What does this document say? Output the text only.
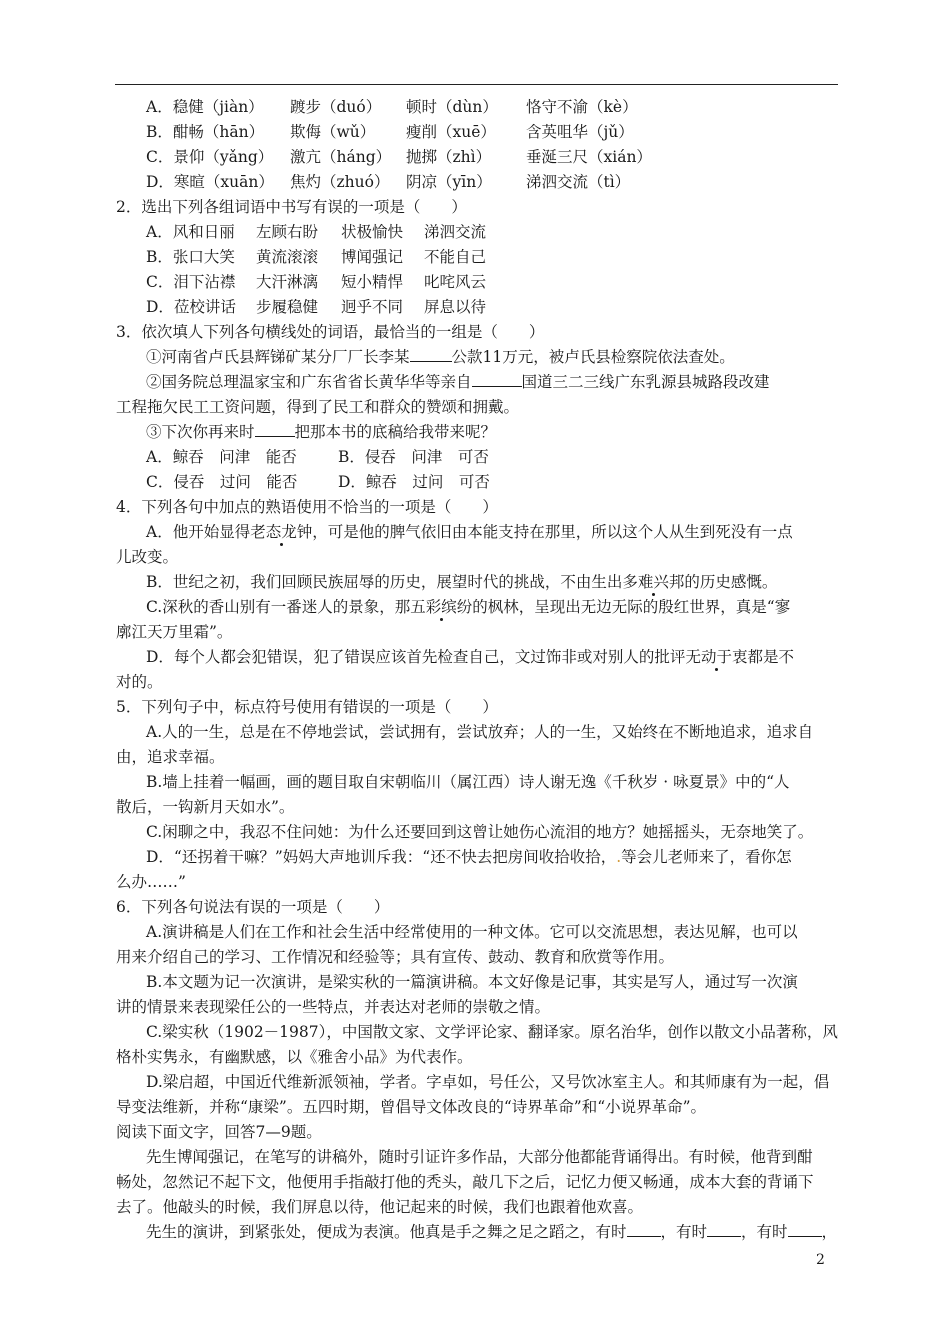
A．稳健（jiàn） 踱步（duó） 顿时（dùn） 恪守不渝（kè）
B．酣畅（hān） 欺侮（wǔ） 瘦削（xuē） 含英咀华（jǔ）
C．景仰（yǎng） 激亢（háng） 抛掷（zhì） 垂涎三尺（xián）
D．寒暄（xuān） 焦灼（zhuó） 阴凉（yīn） 涕泗交流（tì）
2．选出下列各组词语中书写有误的一项是（　　）
A．风和日丽 左顾右盼 状极愉快 涕泗交流
B．张口大笑 黄流滚滚 博闻强记 不能自己
C．泪下沾襟 大汗淋漓 短小精悍 叱咤风云
D．莅校讲话 步履稳健 迥乎不同 屏息以待
3．依次填人下列各句横线处的词语，最恰当的一组是（　　）
①河南省卢氏县辉锑矿某分厂厂长李某	公款11万元，被卢氏县检察院依法查处。
②国务院总理温家宝和广东省省长黄华华等亲自	国道三二三线广东乳源县城路段改建
工程拖欠民工工资问题，得到了民工和群众的赞颂和拥戴。
③下次你再来时	把那本书的底稿给我带来呢？
A．鲸吞　问津　能否	B．侵吞　问津　可否
C．侵吞　过问　能否	D．鲸吞　过问　可否
4．下列各句中加点的熟语使用不恰当的一项是（　　）
A．他开始显得老态龙钟，可是他的脾气依旧由本能支持在那里，所以这个人从生到死没有一点
儿改变。
B．世纪之初，我们回顾民族屈辱的历史，展望时代的挑战，不由生出多难兴邦的历史感慨。
C.深秋的香山别有一番迷人的景象，那五彩缤纷的枫林，呈现出无边无际的殷红世界，真是“寥
廓江天万里霜”。
D．每个人都会犯错误，犯了错误应该首先检查自己，文过饰非或对别人的批评无动于衷都是不
对的。
5．下列句子中，标点符号使用有错误的一项是（　　）
A.人的一生，总是在不停地尝试，尝试拥有，尝试放弃；人的一生，又始终在不断地追求，追求自
由，追求幸福。
B.墙上挂着一幅画，画的题目取自宋朝临川（属江西）诗人谢无逸《千秋岁 · 咏夏景》中的“人
散后，一钩新月天如水”。
C.闲聊之中，我忍不住问她：为什么还要回到这曾让她伤心流泪的地方？她摇摇头，无奈地笑了。
D．“还拐着干嘛？”妈妈大声地训斥我：“还不快去把房间收拾收拾，.等会儿老师来了，看你怎
么办……”
6．下列各句说法有误的一项是（　　）
A.演讲稿是人们在工作和社会生活中经常使用的一种文体。它可以交流思想，表达见解，也可以
用来介绍自己的学习、工作情况和经验等；具有宣传、鼓动、教育和欣赏等作用。
B.本文题为记一次演讲，是梁实秋的一篇演讲稿。本文好像是记事，其实是写人，通过写一次演
讲的情景来表现梁任公的一些特点，并表达对老师的崇敬之情。
C.梁实秋（1902－1987），中国散文家、文学评论家、翻译家。原名治华，创作以散文小品著称，风
格朴实隽永，有幽默感，以《雅舍小品》为代表作。
D.梁启超，中国近代维新派领袖，学者。字卓如，号任公，又号饮冰室主人。和其师康有为一起，倡
导变法维新，并称“康梁”。五四时期，曾倡导文体改良的“诗界革命”和“小说界革命”。
阅读下面文字，回答7—9题。
先生博闻强记，在笔写的讲稿外，随时引证许多作品，大部分他都能背诵得出。有时候，他背到酣
畅处，忽然记不起下文，他便用手指敲打他的秃头，敲几下之后，记忆力便又畅通，成本大套的背诵下
去了。他敲头的时候，我们屏息以待，他记起来的时候，我们也跟着他欢喜。
先生的演讲，到紧张处，便成为表演。他真是手之舞之足之蹈之，有时 ，有时 ，有时 ，
2
